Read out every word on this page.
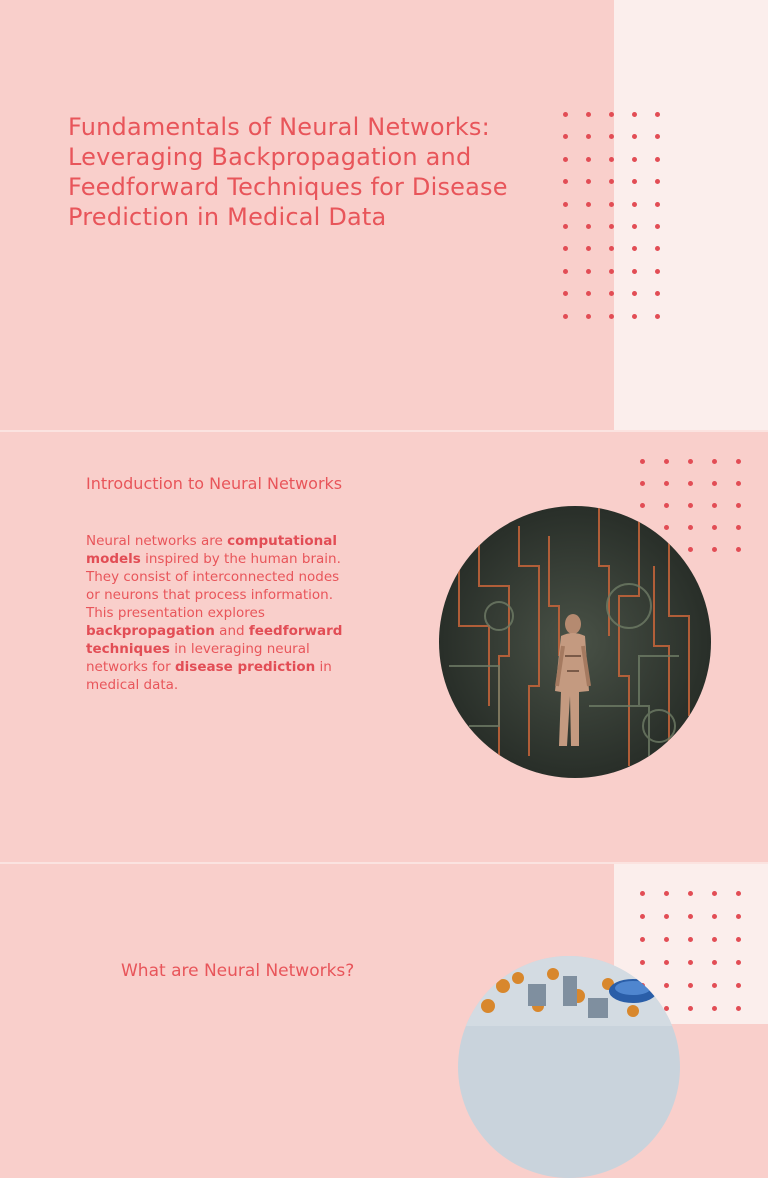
Fundamentals of Neural Networks: Leveraging Backpropagation and Feedforward Techniques for Disease Prediction in Medical Data
Introduction to Neural Networks

Neural networks are computational models inspired by the human brain. They consist of interconnected nodes or neurons that process information. This presentation explores backpropagation and feedforward techniques in leveraging neural networks for disease prediction in medical data.

What are Neural Networks?
